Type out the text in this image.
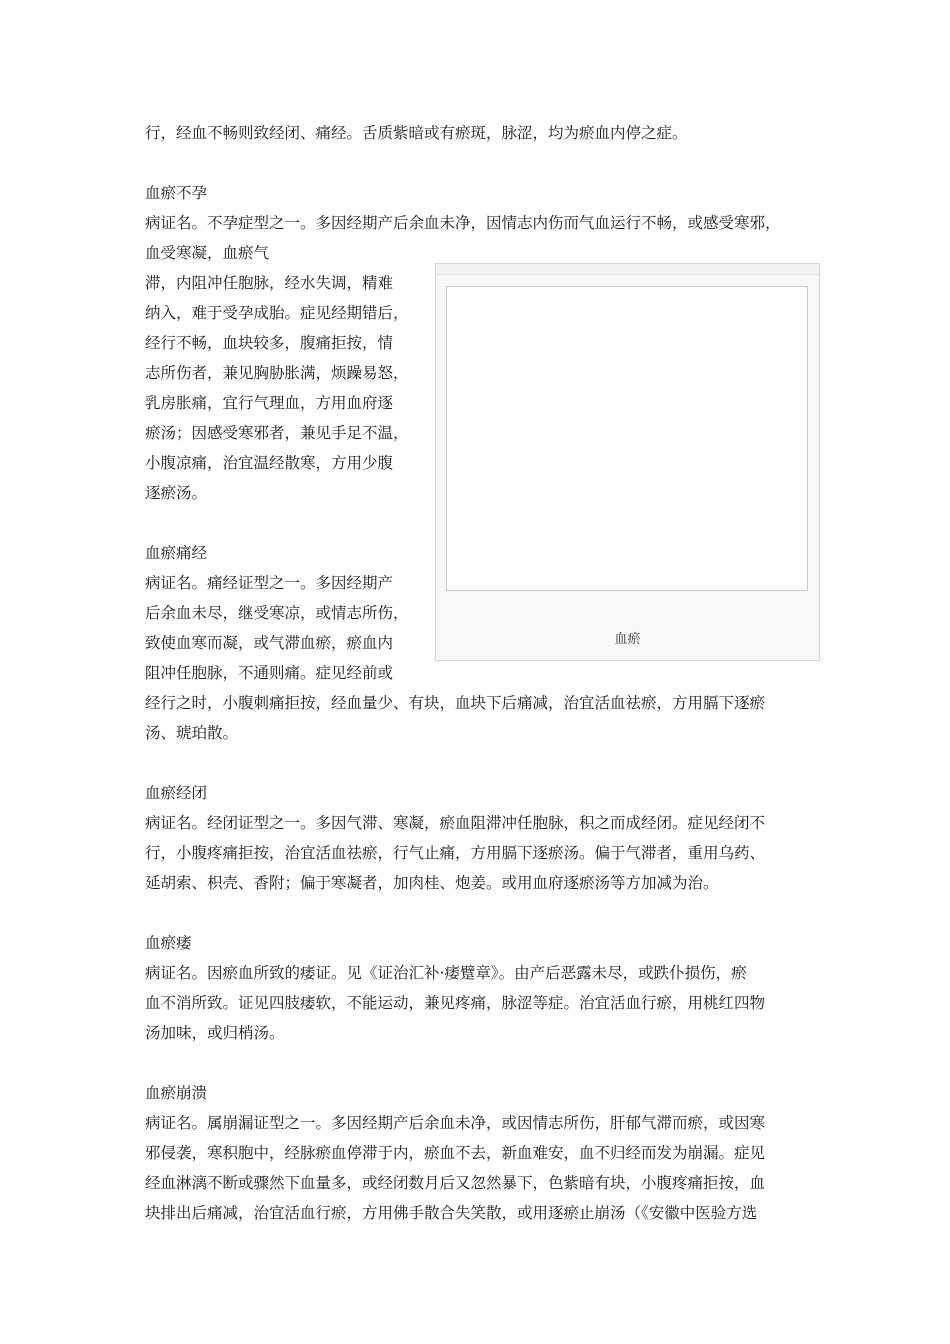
行，经血不畅则致经闭、痛经。舌质紫暗或有瘀斑，脉涩，均为瘀血内停之症。
血瘀不孕
病证名。不孕症型之一。多因经期产后余血未净，因情志内伤而气血运行不畅，或感受寒邪，
血受寒凝，血瘀气
滞，内阻冲任胞脉，经水失调，精难
纳入，难于受孕成胎。症见经期错后，
经行不畅，血块较多，腹痛拒按，情
志所伤者，兼见胸胁胀满，烦躁易怒，
乳房胀痛，宜行气理血，方用血府逐
瘀汤；因感受寒邪者，兼见手足不温，
小腹凉痛，治宜温经散寒，方用少腹
逐瘀汤。
血瘀痛经
病证名。痛经证型之一。多因经期产
后余血未尽，继受寒凉，或情志所伤，
致使血寒而凝，或气滞血瘀，瘀血内
阻冲任胞脉，不通则痛。症见经前或
经行之时，小腹刺痛拒按，经血量少、有块，血块下后痛减，治宜活血祛瘀，方用膈下逐瘀
汤、琥珀散。
血瘀经闭
病证名。经闭证型之一。多因气滞、寒凝，瘀血阻滞冲任胞脉，积之而成经闭。症见经闭不
行，小腹疼痛拒按，治宜活血祛瘀，行气止痛，方用膈下逐瘀汤。偏于气滞者，重用乌药、
延胡索、枳壳、香附；偏于寒凝者，加肉桂、炮姜。或用血府逐瘀汤等方加减为治。
血瘀痿
病证名。因瘀血所致的痿证。见《证治汇补·痿躄章》。由产后恶露未尽，或跌仆损伤，瘀
血不消所致。证见四肢痿软，不能运动，兼见疼痛，脉涩等症。治宜活血行瘀，用桃红四物
汤加味，或归梢汤。
血瘀崩溃
病证名。属崩漏证型之一。多因经期产后余血未净，或因情志所伤，肝郁气滞而瘀，或因寒
邪侵袭，寒积胞中，经脉瘀血停滞于内，瘀血不去，新血难安，血不归经而发为崩漏。症见
经血淋漓不断或骤然下血量多，或经闭数月后又忽然暴下，色紫暗有块，小腹疼痛拒按，血
块排出后痛减，治宜活血行瘀，方用佛手散合失笑散，或用逐瘀止崩汤（《安徽中医验方选
血瘀
